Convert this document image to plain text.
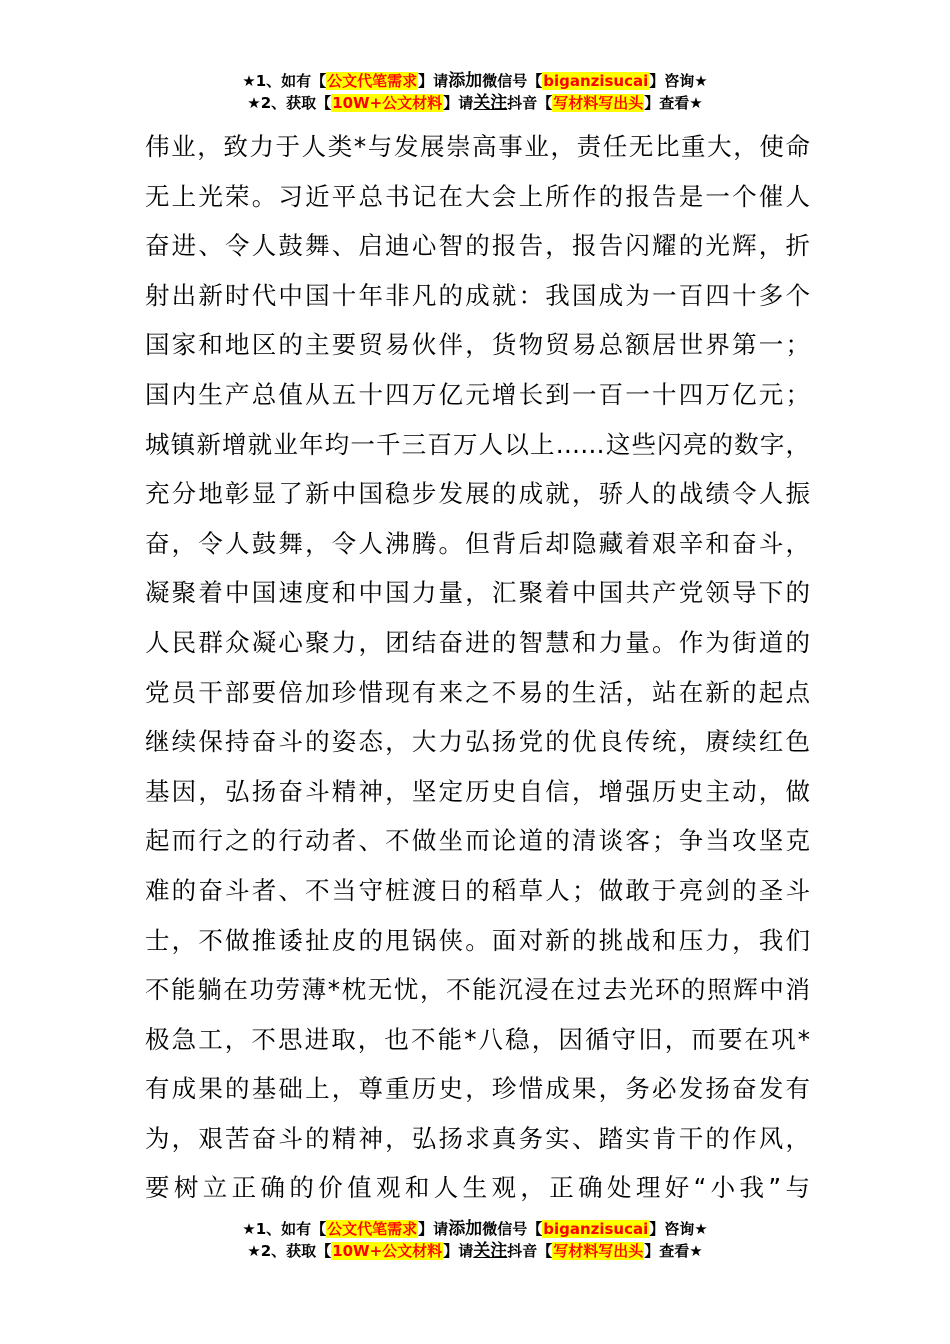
★1、如有【公文代笔需求】请添加微信号【biganzisucai】咨询★
★2、获取【10W+公文材料】请关注抖音【写材料写出头】查看★
伟业，致力于人类*与发展崇高事业，责任无比重大，使命
无上光荣。习近平总书记在大会上所作的报告是一个催人
奋进、令人鼓舞、启迪心智的报告，报告闪耀的光辉，折
射出新时代中国十年非凡的成就：我国成为一百四十多个
国家和地区的主要贸易伙伴，货物贸易总额居世界第一；
国内生产总值从五十四万亿元增长到一百一十四万亿元；
城镇新增就业年均一千三百万人以上……这些闪亮的数字，
充分地彰显了新中国稳步发展的成就，骄人的战绩令人振
奋，令人鼓舞，令人沸腾。但背后却隐藏着艰辛和奋斗，
凝聚着中国速度和中国力量，汇聚着中国共产党领导下的
人民群众凝心聚力，团结奋进的智慧和力量。作为街道的
党员干部要倍加珍惜现有来之不易的生活，站在新的起点
继续保持奋斗的姿态，大力弘扬党的优良传统，赓续红色
基因，弘扬奋斗精神，坚定历史自信，增强历史主动，做
起而行之的行动者、不做坐而论道的清谈客；争当攻坚克
难的奋斗者、不当守桩渡日的稻草人；做敢于亮剑的圣斗
士，不做推诿扯皮的甩锅侠。面对新的挑战和压力，我们
不能躺在功劳薄*枕无忧，不能沉浸在过去光环的照辉中消
极急工，不思进取，也不能*八稳，因循守旧，而要在巩*
有成果的基础上，尊重历史，珍惜成果，务必发扬奋发有
为，艰苦奋斗的精神，弘扬求真务实、踏实肯干的作风，
要树立正确的价值观和人生观，正确处理好“小我”与
★1、如有【公文代笔需求】请添加微信号【biganzisucai】咨询★
★2、获取【10W+公文材料】请关注抖音【写材料写出头】查看★
